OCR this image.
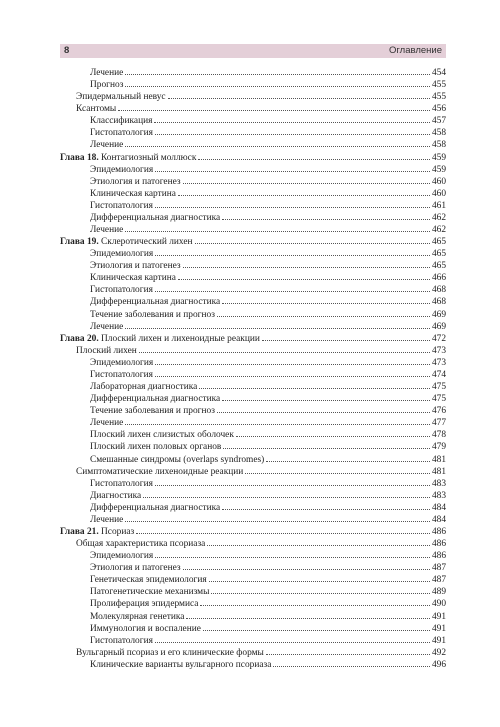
8	Оглавление
Лечение	454
Прогноз	455
Эпидермальный невус	455
Ксантомы	456
Классификация	457
Гистопатология	458
Лечение	458
Глава 18. Контагиозный моллюск	459
Эпидемиология	459
Этиология и патогенез	460
Клиническая картина	460
Гистопатология	461
Дифференциальная диагностика	462
Лечение	462
Глава 19. Склеротический лихен	465
Эпидемиология	465
Этиология и патогенез	465
Клиническая картина	466
Гистопатология	468
Дифференциальная диагностика	468
Течение заболевания и прогноз	469
Лечение	469
Глава 20. Плоский лихен и лихеноидные реакции	472
Плоский лихен	473
Эпидемиология	473
Гистопатология	474
Лабораторная диагностика	475
Дифференциальная диагностика	475
Течение заболевания и прогноз	476
Лечение	477
Плоский лихен слизистых оболочек	478
Плоский лихен половых органов	479
Смешанные синдромы (overlaps syndromes)	481
Симптоматические лихеноидные реакции	481
Гистопатология	483
Диагностика	483
Дифференциальная диагностика	484
Лечение	484
Глава 21. Псориаз	486
Общая характеристика псориаза	486
Эпидемиология	486
Этиология и патогенез	487
Генетическая эпидемиология	487
Патогенетические механизмы	489
Пролиферация эпидермиса	490
Молекулярная генетика	491
Иммунология и воспаление	491
Гистопатология	491
Вульгарный псориаз и его клинические формы	492
Клинические варианты вульгарного псориаза	496
